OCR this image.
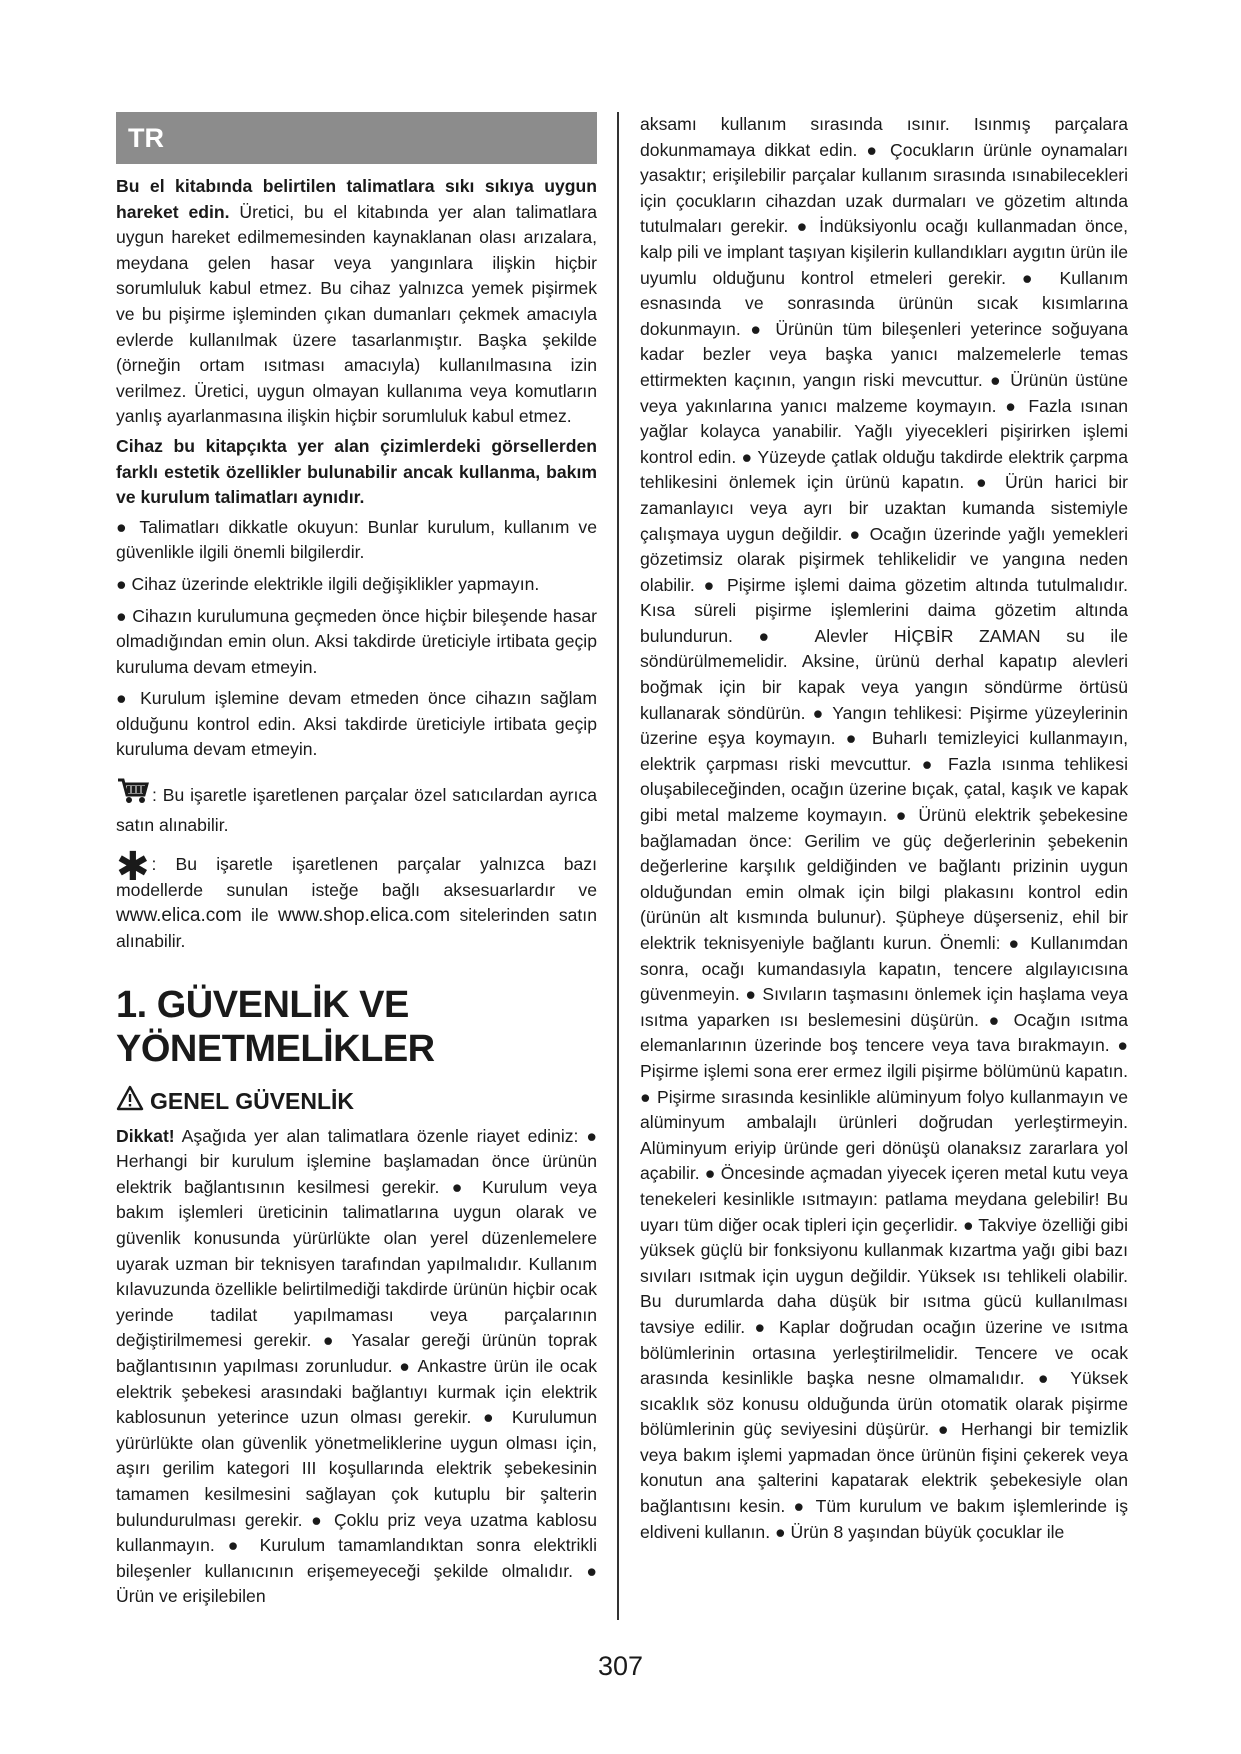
TR

Bu el kitabında belirtilen talimatlara sıkı sıkıya uygun hareket edin. Üretici, bu el kitabında yer alan talimatlara uygun hareket edilmemesinden kaynaklanan olası arızalara, meydana gelen hasar veya yangınlara ilişkin hiçbir sorumluluk kabul etmez. Bu cihaz yalnızca yemek pişirmek ve bu pişirme işleminden çıkan dumanları çekmek amacıyla evlerde kullanılmak üzere tasarlanmıştır. Başka şekilde (örneğin ortam ısıtması amacıyla) kullanılmasına izin verilmez. Üretici, uygun olmayan kullanıma veya komutların yanlış ayarlanmasına ilişkin hiçbir sorumluluk kabul etmez.

Cihaz bu kitapçıkta yer alan çizimlerdeki görsellerden farklı estetik özellikler bulunabilir ancak kullanma, bakım ve kurulum talimatları aynıdır.

● Talimatları dikkatle okuyun: Bunlar kurulum, kullanım ve güvenlikle ilgili önemli bilgilerdir.

● Cihaz üzerinde elektrikle ilgili değişiklikler yapmayın.

● Cihazın kurulumuna geçmeden önce hiçbir bileşende hasar olmadığından emin olun. Aksi takdirde üreticiyle irtibata geçip kuruluma devam etmeyin.

● Kurulum işlemine devam etmeden önce cihazın sağlam olduğunu kontrol edin. Aksi takdirde üreticiyle irtibata geçip kuruluma devam etmeyin.

: Bu işaretle işaretlenen parçalar özel satıcılardan ayrıca satın alınabilir.

✱ : Bu işaretle işaretlenen parçalar yalnızca bazı modellerde sunulan isteğe bağlı aksesuarlardır ve www.elica.com ile www.shop.elica.com sitelerinden satın alınabilir.

1. GÜVENLİK VE
YÖNETMELİKLER
GENEL GÜVENLİK

Dikkat! Aşağıda yer alan talimatlara özenle riayet ediniz: ● Herhangi bir kurulum işlemine başlamadan önce ürünün elektrik bağlantısının kesilmesi gerekir. ● Kurulum veya bakım işlemleri üreticinin talimatlarına uygun olarak ve güvenlik konusunda yürürlükte olan yerel düzenlemelere uyarak uzman bir teknisyen tarafından yapılmalıdır. Kullanım kılavuzunda özellikle belirtilmediği takdirde ürünün hiçbir ocak yerinde tadilat yapılmaması veya parçalarının değiştirilmemesi gerekir. ● Yasalar gereği ürünün toprak bağlantısının yapılması zorunludur. ● Ankastre ürün ile ocak elektrik şebekesi arasındaki bağlantıyı kurmak için elektrik kablosunun yeterince uzun olması gerekir. ● Kurulumun yürürlükte olan güvenlik yönetmeliklerine uygun olması için, aşırı gerilim kategori III koşullarında elektrik şebekesinin tamamen kesilmesini sağlayan çok kutuplu bir şalterin bulundurulması gerekir. ● Çoklu priz veya uzatma kablosu kullanmayın. ● Kurulum tamamlandıktan sonra elektrikli bileşenler kullanıcının erişemeyeceği şekilde olmalıdır. ● Ürün ve erişilebilen

aksamı kullanım sırasında ısınır. Isınmış parçalara dokunmamaya dikkat edin. ● Çocukların ürünle oynamaları yasaktır; erişilebilir parçalar kullanım sırasında ısınabilecekleri için çocukların cihazdan uzak durmaları ve gözetim altında tutulmaları gerekir. ● İndüksiyonlu ocağı kullanmadan önce, kalp pili ve implant taşıyan kişilerin kullandıkları aygıtın ürün ile uyumlu olduğunu kontrol etmeleri gerekir. ● Kullanım esnasında ve sonrasında ürünün sıcak kısımlarına dokunmayın. ● Ürünün tüm bileşenleri yeterince soğuyana kadar bezler veya başka yanıcı malzemelerle temas ettirmekten kaçının, yangın riski mevcuttur. ● Ürünün üstüne veya yakınlarına yanıcı malzeme koymayın. ● Fazla ısınan yağlar kolayca yanabilir. Yağlı yiyecekleri pişirirken işlemi kontrol edin. ● Yüzeyde çatlak olduğu takdirde elektrik çarpma tehlikesini önlemek için ürünü kapatın. ● Ürün harici bir zamanlayıcı veya ayrı bir uzaktan kumanda sistemiyle çalışmaya uygun değildir. ● Ocağın üzerinde yağlı yemekleri gözetimsiz olarak pişirmek tehlikelidir ve yangına neden olabilir. ● Pişirme işlemi daima gözetim altında tutulmalıdır. Kısa süreli pişirme işlemlerini daima gözetim altında bulundurun. ● Alevler HİÇBİR ZAMAN su ile söndürülmemelidir. Aksine, ürünü derhal kapatıp alevleri boğmak için bir kapak veya yangın söndürme örtüsü kullanarak söndürün. ● Yangın tehlikesi: Pişirme yüzeylerinin üzerine eşya koymayın. ● Buharlı temizleyici kullanmayın, elektrik çarpması riski mevcuttur. ● Fazla ısınma tehlikesi oluşabileceğinden, ocağın üzerine bıçak, çatal, kaşık ve kapak gibi metal malzeme koymayın. ● Ürünü elektrik şebekesine bağlamadan önce: Gerilim ve güç değerlerinin şebekenin değerlerine karşılık geldiğinden ve bağlantı prizinin uygun olduğundan emin olmak için bilgi plakasını kontrol edin (ürünün alt kısmında bulunur). Şüpheye düşerseniz, ehil bir elektrik teknisyeniyle bağlantı kurun. Önemli: ● Kullanımdan sonra, ocağı kumandasıyla kapatın, tencere algılayıcısına güvenmeyin. ● Sıvıların taşmasını önlemek için haşlama veya ısıtma yaparken ısı beslemesini düşürün. ● Ocağın ısıtma elemanlarının üzerinde boş tencere veya tava bırakmayın. ● Pişirme işlemi sona erer ermez ilgili pişirme bölümünü kapatın. ● Pişirme sırasında kesinlikle alüminyum folyo kullanmayın ve alüminyum ambalajlı ürünleri doğrudan yerleştirmeyin. Alüminyum eriyip üründe geri dönüşü olanaksız zararlara yol açabilir. ● Öncesinde açmadan yiyecek içeren metal kutu veya tenekeleri kesinlikle ısıtmayın: patlama meydana gelebilir! Bu uyarı tüm diğer ocak tipleri için geçerlidir. ● Takviye özelliği gibi yüksek güçlü bir fonksiyonu kullanmak kızartma yağı gibi bazı sıvıları ısıtmak için uygun değildir. Yüksek ısı tehlikeli olabilir. Bu durumlarda daha düşük bir ısıtma gücü kullanılması tavsiye edilir. ● Kaplar doğrudan ocağın üzerine ve ısıtma bölümlerinin ortasına yerleştirilmelidir. Tencere ve ocak arasında kesinlikle başka nesne olmamalıdır. ● Yüksek sıcaklık söz konusu olduğunda ürün otomatik olarak pişirme bölümlerinin güç seviyesini düşürür. ● Herhangi bir temizlik veya bakım işlemi yapmadan önce ürünün fişini çekerek veya konutun ana şalterini kapatarak elektrik şebekesiyle olan bağlantısını kesin. ● Tüm kurulum ve bakım işlemlerinde iş eldiveni kullanın. ● Ürün 8 yaşından büyük çocuklar ile

307
